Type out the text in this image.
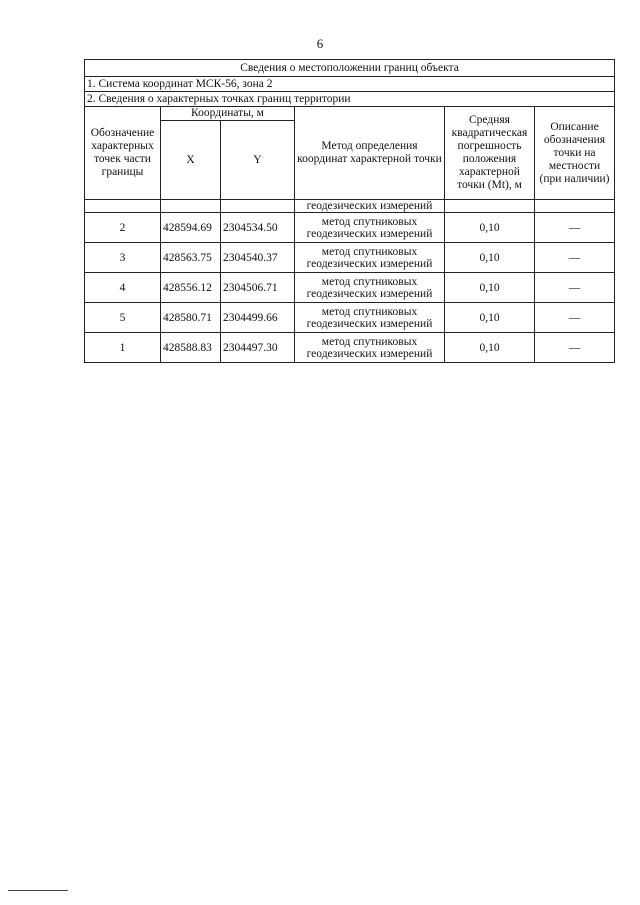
6
Сведения о местоположении границ объекта					
1. Система координат МСК-56, зона 2					
2. Сведения о характерных точках границ территории					
Обозначение характерных точек части границы	Координаты, м		Метод определения координат характерной точки	Средняя квадратическая погрешность положения характерной точки (Мt), м	Описание обозначения точки на местности (при наличии)
	X	Y			
			геодезических измерений		
2	428594.69	2304534.50	метод спутниковых геодезических измерений	0,10	—
3	428563.75	2304540.37	метод спутниковых геодезических измерений	0,10	—
4	428556.12	2304506.71	метод спутниковых геодезических измерений	0,10	—
5	428580.71	2304499.66	метод спутниковых геодезических измерений	0,10	—
1	428588.83	2304497.30	метод спутниковых геодезических измерений	0,10	—
